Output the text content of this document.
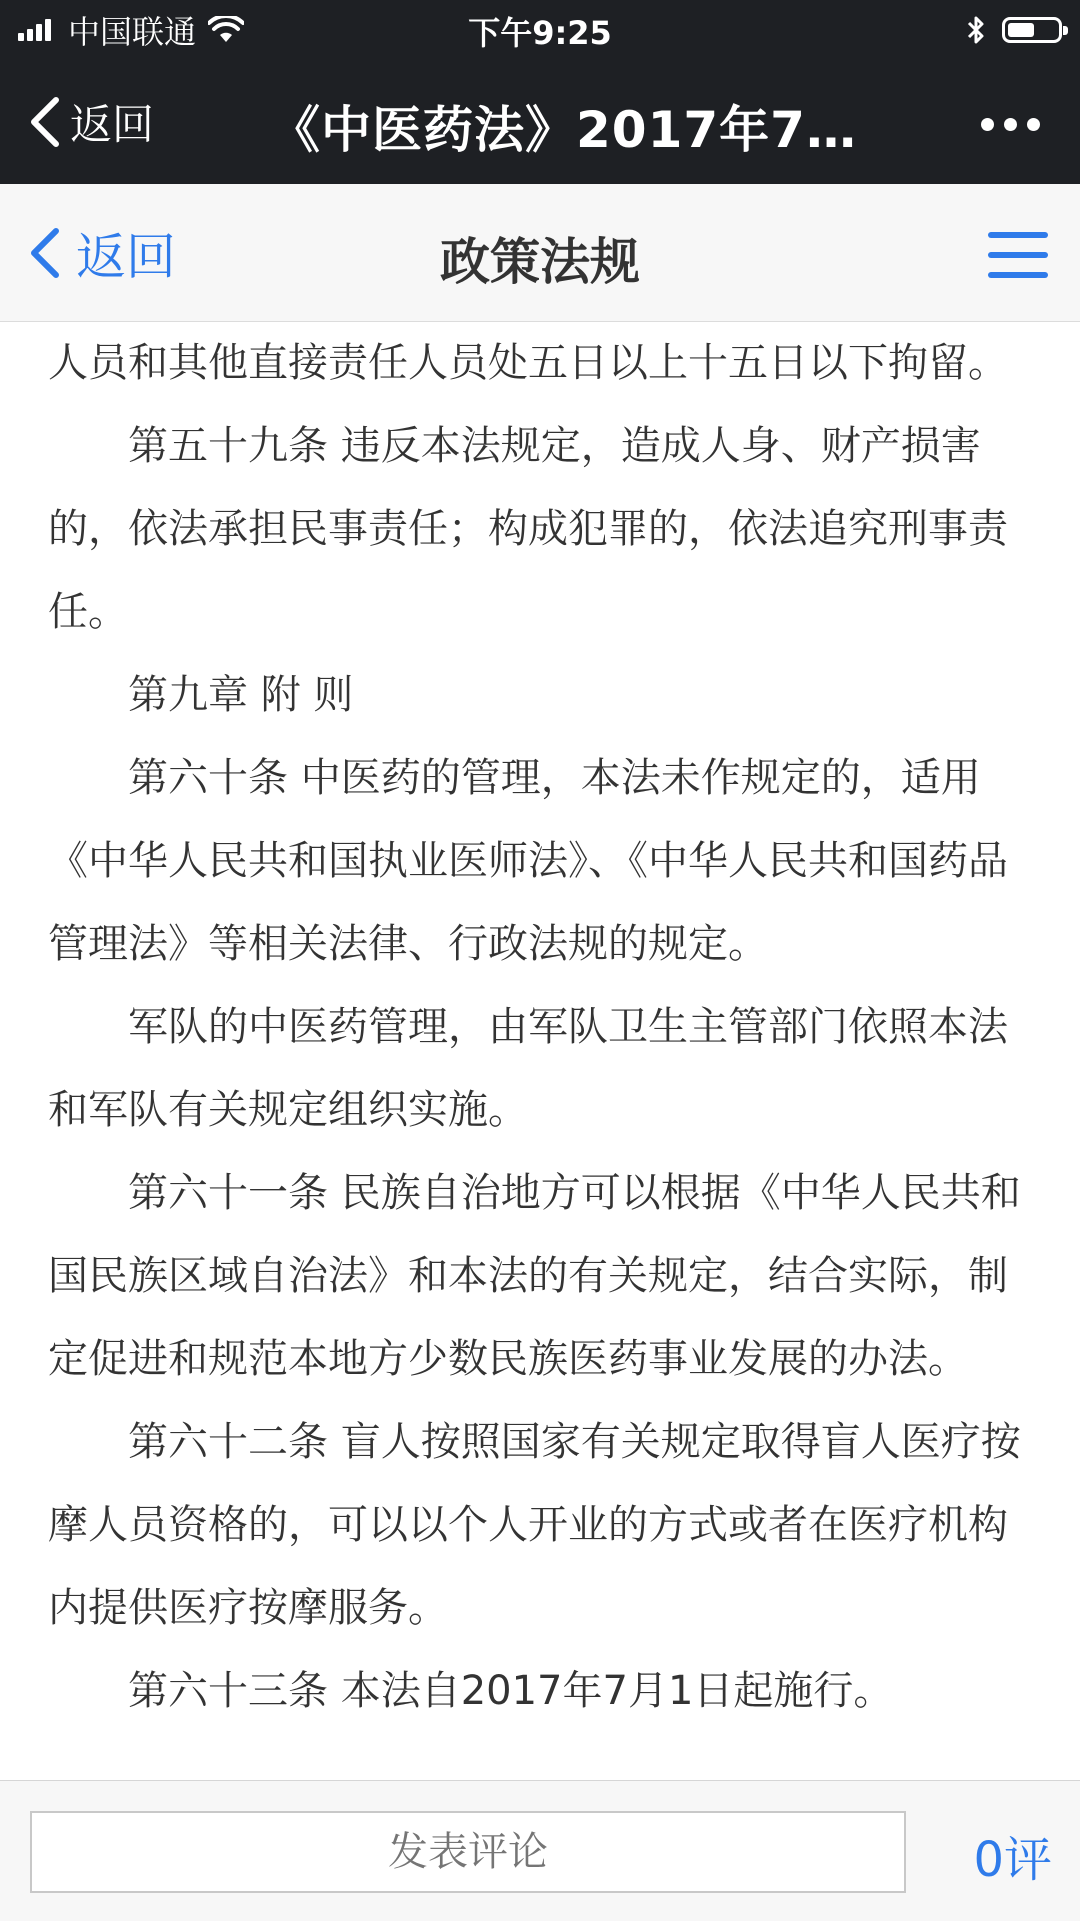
中国联通	下午9:25
返回 《中医药法》2017年7…
返回	政策法规

人员和其他直接责任人员处五日以上十五日以下拘留。

第五十九条 违反本法规定，造成人身、财产损害的，依法承担民事责任；构成犯罪的，依法追究刑事责任。

第九章 附 则

第六十条 中医药的管理，本法未作规定的，适用《中华人民共和国执业医师法》、《中华人民共和国药品管理法》等相关法律、行政法规的规定。

军队的中医药管理，由军队卫生主管部门依照本法和军队有关规定组织实施。

第六十一条 民族自治地方可以根据《中华人民共和国民族区域自治法》和本法的有关规定，结合实际，制定促进和规范本地方少数民族医药事业发展的办法。

第六十二条 盲人按照国家有关规定取得盲人医疗按摩人员资格的，可以以个人开业的方式或者在医疗机构内提供医疗按摩服务。

第六十三条 本法自2017年7月1日起施行。

发表评论
0评
